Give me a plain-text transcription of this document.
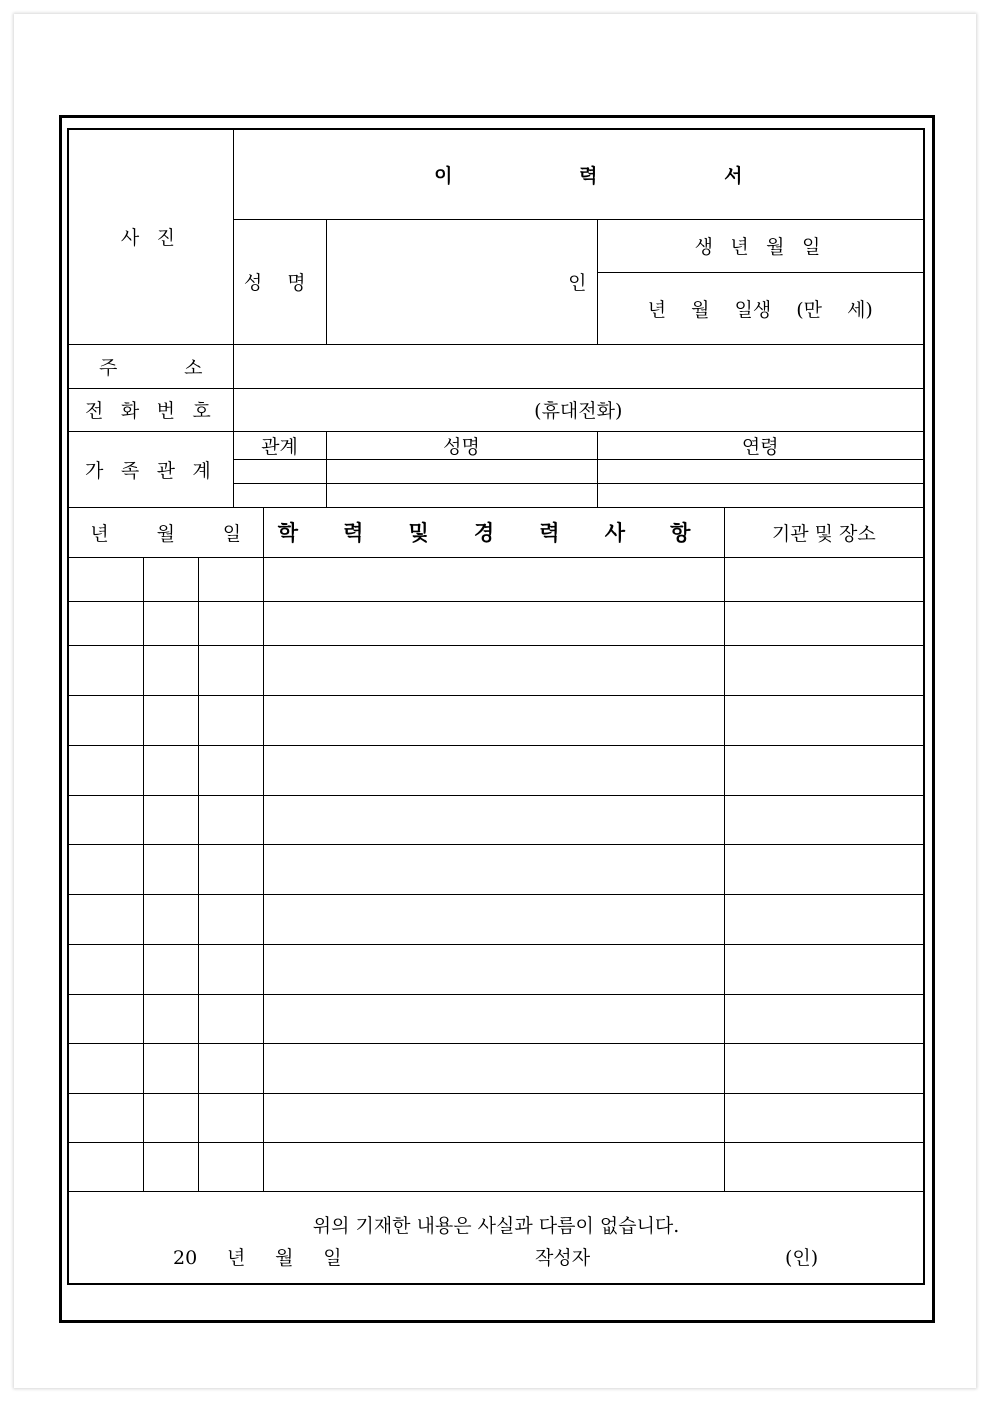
사 진			이 력 서				
			성 명		인	생 년 월 일	
						년 월 일생 (만 세)	
주 소							
전 화 번 호			(휴대전화)				
가 족 관 계			관계		성명	연령	

년 월 일				학 력 및 경 력 사 항			기관 및 장소

위의 기재한 내용은 사실과 다름이 없습니다.
20 년 월 일 작성자 (인)							
